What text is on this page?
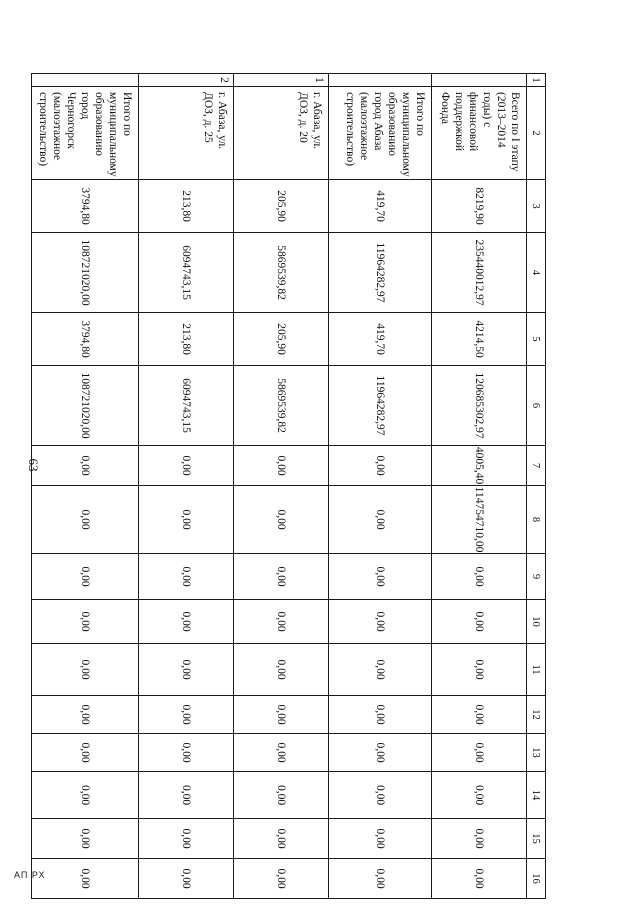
63
1	2	3	4	5	6	7	8	9	10	11	12	13	14	15	16
	Всего по I этапу (2013–2014 годы) с финансовой поддержкой Фонда	8219,90	235440012,97	4214,50	120685302,97	4005,40	114754710,00	0,00	0,00	0,00	0,00	0,00	0,00	0,00	0,00
	Итого по муниципальному образованию город Абаза (малоэтажное строительство)	419,70	11964282,97	419,70	11964282,97	0,00	0,00	0,00	0,00	0,00	0,00	0,00	0,00	0,00	0,00
1	г. Абаза, ул. ДОЗ, д. 20	205,90	5869539,82	205,90	5869539,82	0,00	0,00	0,00	0,00	0,00	0,00	0,00	0,00	0,00	0,00
2	г. Абаза, ул. ДОЗ, д. 25	213,80	6094743,15	213,80	6094743,15	0,00	0,00	0,00	0,00	0,00	0,00	0,00	0,00	0,00	0,00
	Итого по муниципальному образованию город Черногорск (малоэтажное строительство)	3794,80	108721020,00	3794,80	108721020,00	0,00	0,00	0,00	0,00	0,00	0,00	0,00	0,00	0,00	0,00
АП РХ
